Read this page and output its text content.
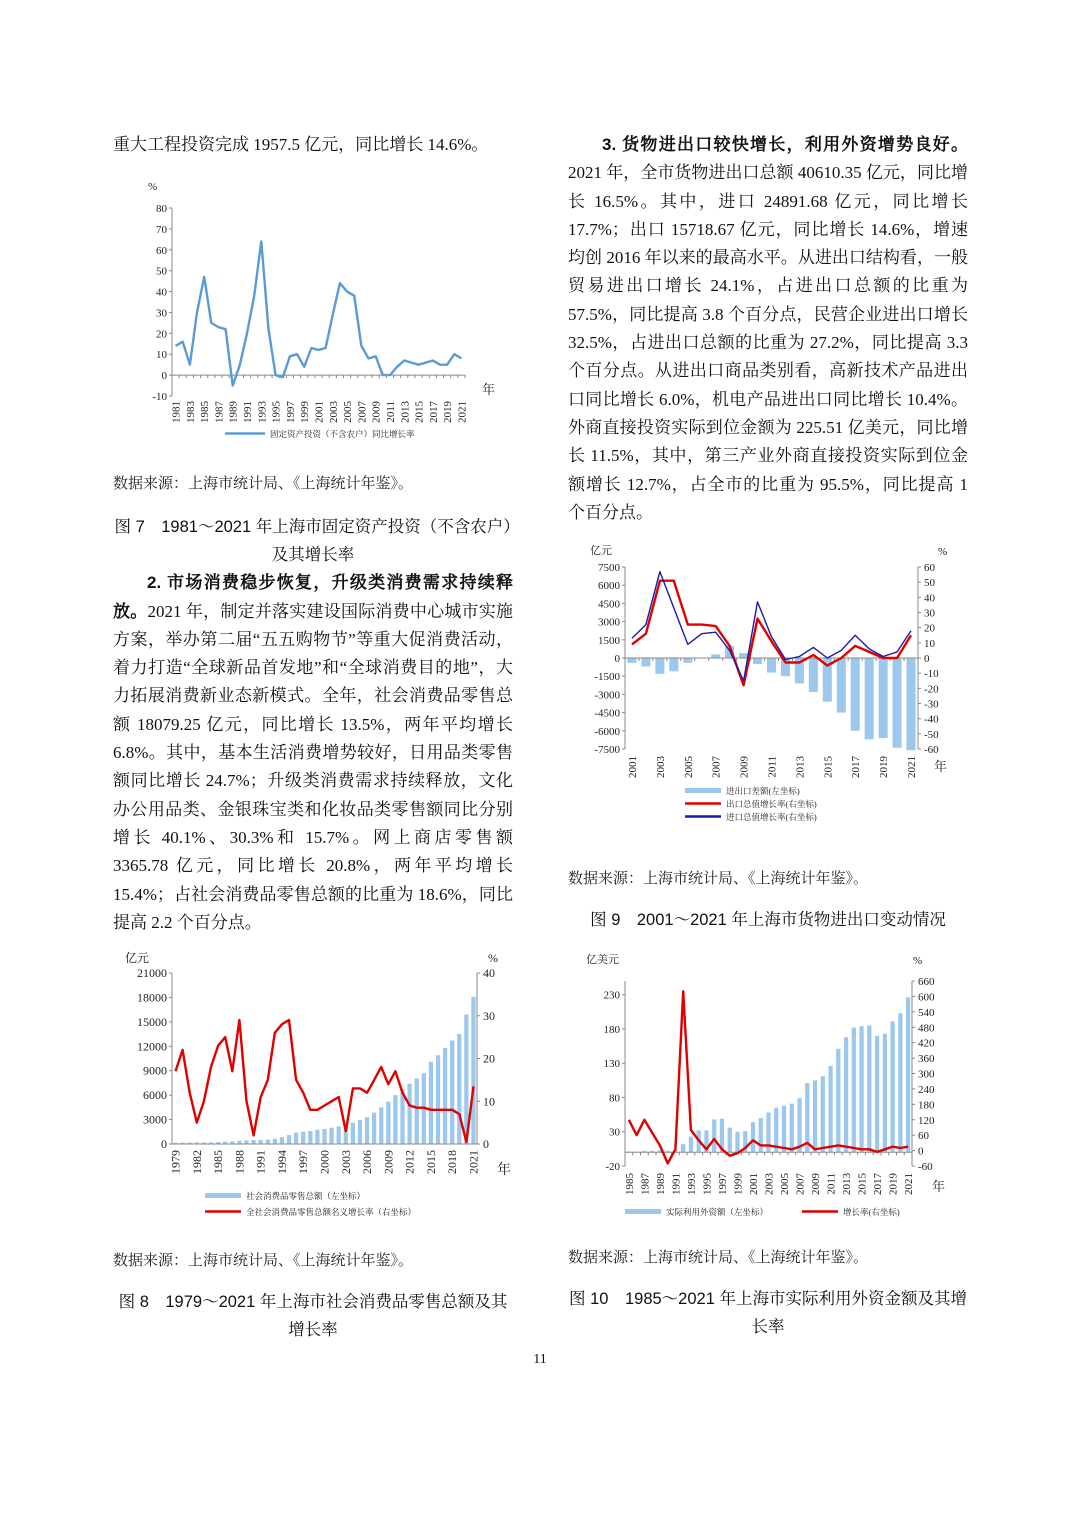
重大工程投资完成 1957.5 亿元，同比增长 14.6%。

-10
0
10
20
30
40
50
60
70
80
%
年
1981 1983 1985 1987 1989 1991 1993 1995 1997 1999 2001 2003 2005 2007 2009 2011 2013 2015 2017 2019 2021
固定资产投资（不含农户）同比增长率
数据来源：上海市统计局、《上海统计年鉴》。
图 7　1981～2021 年上海市固定资产投资（不含农户）及其增长率

2. 市场消费稳步恢复，升级类消费需求持续释放。2021 年，制定并落实建设国际消费中心城市实施方案，举办第二届“五五购物节”等重大促消费活动，着力打造“全球新品首发地”和“全球消费目的地”，大力拓展消费新业态新模式。全年，社会消费品零售总额 18079.25 亿元，同比增长 13.5%，两年平均增长 6.8%。其中，基本生活消费增势较好，日用品类零售额同比增长 24.7%；升级类消费需求持续释放，文化办公用品类、金银珠宝类和化妆品类零售额同比分别增长 40.1%、30.3%和 15.7%。网上商店零售额 3365.78 亿元，同比增长 20.8%，两年平均增长 15.4%；占社会消费品零售总额的比重为 18.6%，同比提高 2.2 个百分点。

0
3000
6000
9000
12000
15000
18000
21000
0
10
20
30
40
亿元	%
年
1979 1982 1985 1988 1991 1994 1997 2000 2003 2006 2009 2012 2015 2018 2021
社会消费品零售总额（左坐标）
全社会消费品零售总额名义增长率（右坐标）
数据来源：上海市统计局、《上海统计年鉴》。
图 8　1979～2021 年上海市社会消费品零售总额及其增长率

3. 货物进出口较快增长，利用外资增势良好。2021 年，全市货物进出口总额 40610.35 亿元，同比增长 16.5%。其中，进口 24891.68 亿元，同比增长 17.7%；出口 15718.67 亿元，同比增长 14.6%，增速均创 2016 年以来的最高水平。从进出口结构看，一般贸易进出口增长 24.1%，占进出口总额的比重为 57.5%，同比提高 3.8 个百分点，民营企业进出口增长 32.5%，占进出口总额的比重为 27.2%，同比提高 3.3 个百分点。从进出口商品类别看，高新技术产品进出口同比增长 6.0%，机电产品进出口同比增长 10.4%。外商直接投资实际到位金额为 225.51 亿美元，同比增长 11.5%，其中，第三产业外商直接投资实际到位金额增长 12.7%，占全市的比重为 95.5%，同比提高 1 个百分点。

-7500
-6000
-4500
-3000
-1500
0
1500
3000
4500
6000
7500
-60
-50
-40
-30
-20
-10
0
10
20
30
40
50
60
亿元	%
年
2001 2003 2005 2007 2009 2011 2013 2015 2017 2019 2021
进出口差额(左坐标)
出口总值增长率(右坐标)
进口总值增长率(右坐标)
数据来源：上海市统计局、《上海统计年鉴》。
图 9　2001～2021 年上海市货物进出口变动情况
-20
30
80
130
180
230
-60
0
60
120
180
240
300
360
420
480
540
600
660
亿美元	%
年
1985 1987 1989 1991 1993 1995 1997 1999 2001 2003 2005 2007 2009 2011 2013 2015 2017 2019 2021
实际利用外资额（左坐标）	增长率(右坐标)
数据来源：上海市统计局、《上海统计年鉴》。
图 10　1985～2021 年上海市实际利用外资金额及其增长率
11
